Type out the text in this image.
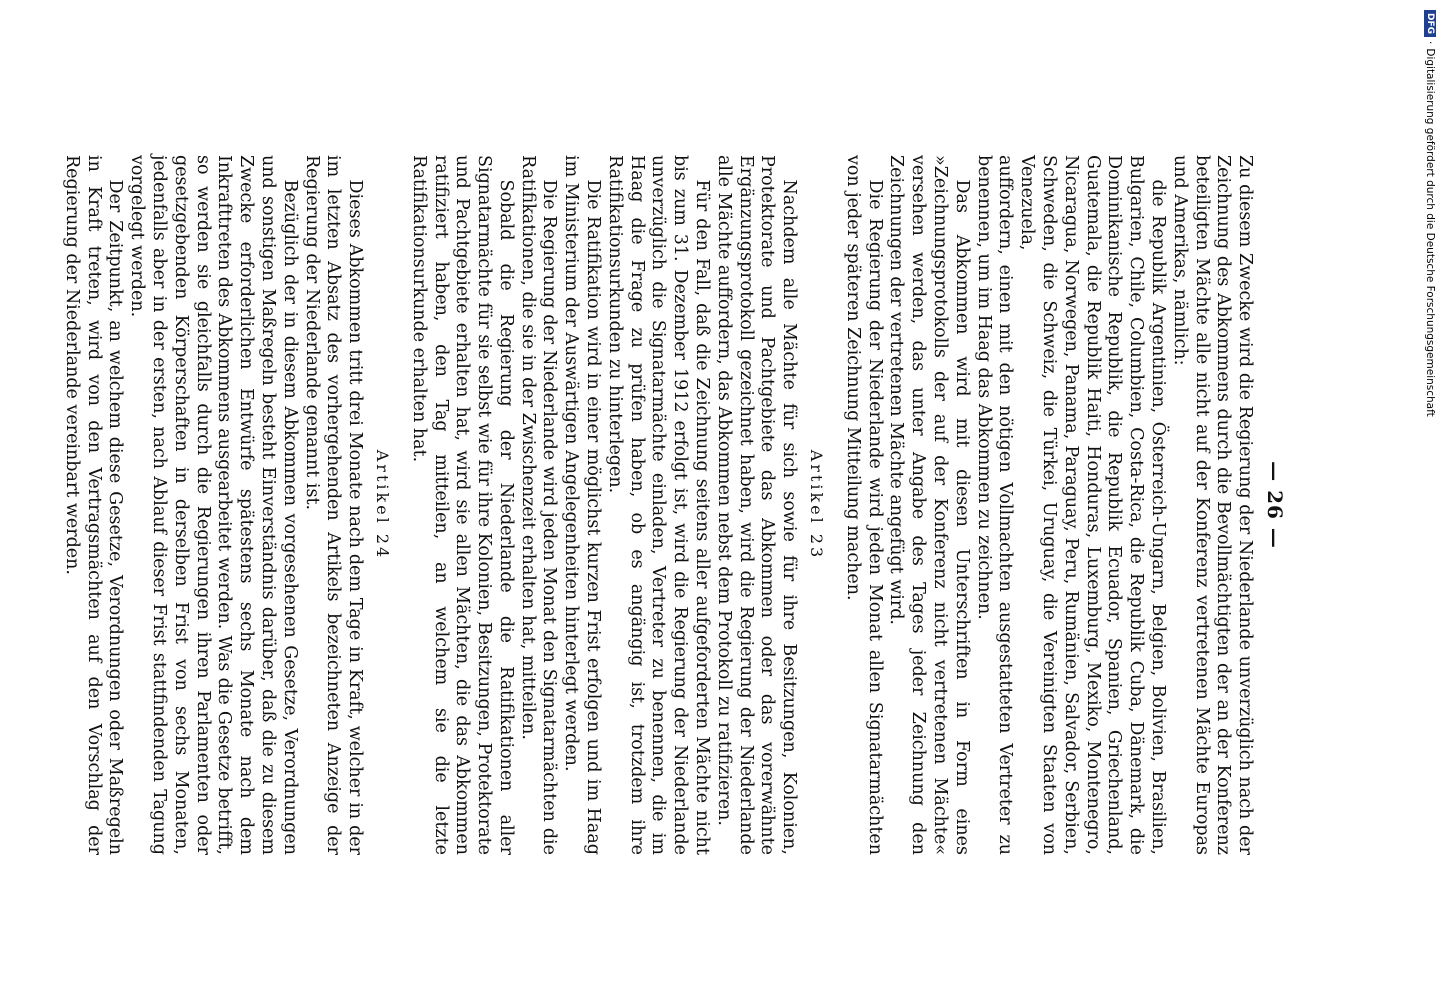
— 26 —

Zu diesem Zwecke wird die Regierung der Niederlande unverzüglich nach der Zeichnung des Abkommens durch die Bevollmächtigten der an der Konferenz beteiligten Mächte alle nicht auf der Konferenz vertretenen Mächte Europas und Amerikas, nämlich:

die Republik Argentinien, Österreich-Ungarn, Belgien, Bolivien, Brasilien, Bulgarien, Chile, Columbien, Costa-Rica, die Republik Cuba, Dänemark, die Dominikanische Republik, die Republik Ecuador, Spanien, Griechenland, Guatemala, die Republik Haiti, Honduras, Luxemburg, Mexiko, Montenegro, Nicaragua, Norwegen, Panama, Paraguay, Peru, Rumänien, Salvador, Serbien, Schweden, die Schweiz, die Türkei, Uruguay, die Vereinigten Staaten von Venezuela,

auffordern, einen mit den nötigen Vollmachten ausgestatteten Vertreter zu benennen, um im Haag das Abkommen zu zeichnen.

Das Abkommen wird mit diesen Unterschriften in Form eines »Zeichnungsprotokolls der auf der Konferenz nicht vertretenen Mächte« versehen werden, das unter Angabe des Tages jeder Zeichnung den Zeichnungen der vertretenen Mächte angefügt wird.

Die Regierung der Niederlande wird jeden Monat allen Signatarmächten von jeder späteren Zeichnung Mitteilung machen.

Artikel 23

Nachdem alle Mächte für sich sowie für ihre Besitzungen, Kolonien, Protektorate und Pachtgebiete das Abkommen oder das vorerwähnte Ergänzungsprotokoll gezeichnet haben, wird die Regierung der Niederlande alle Mächte auffordern, das Abkommen nebst dem Protokoll zu ratifizieren.

Für den Fall, daß die Zeichnung seitens aller aufgeforderten Mächte nicht bis zum 31. Dezember 1912 erfolgt ist, wird die Regierung der Niederlande unverzüglich die Signatarmächte einladen, Vertreter zu benennen, die im Haag die Frage zu prüfen haben, ob es angängig ist, trotzdem ihre Ratifikationsurkunden zu hinterlegen.

Die Ratifikation wird in einer möglichst kurzen Frist erfolgen und im Haag im Ministerium der Auswärtigen Angelegenheiten hinterlegt werden.

Die Regierung der Niederlande wird jeden Monat den Signatarmächten die Ratifikationen, die sie in der Zwischenzeit erhalten hat, mitteilen.

Sobald die Regierung der Niederlande die Ratifikationen aller Signatarmächte für sie selbst wie für ihre Kolonien, Besitzungen, Protektorate und Pachtgebiete erhalten hat, wird sie allen Mächten, die das Abkommen ratifiziert haben, den Tag mitteilen, an welchem sie die letzte Ratifikationsurkunde erhalten hat.

Artikel 24

Dieses Abkommen tritt drei Monate nach dem Tage in Kraft, welcher in der im letzten Absatz des vorhergehenden Artikels bezeichneten Anzeige der Regierung der Niederlande genannt ist.

Bezüglich der in diesem Abkommen vorgesehenen Gesetze, Verordnungen und sonstigen Maßregeln besteht Einverständnis darüber, daß die zu diesem Zwecke erforderlichen Entwürfe spätestens sechs Monate nach dem Inkrafttreten des Abkommens ausgearbeitet werden. Was die Gesetze betrifft, so werden sie gleichfalls durch die Regierungen ihren Parlamenten oder gesetzgebenden Körperschaften in derselben Frist von sechs Monaten, jedenfalls aber in der ersten, nach Ablauf dieser Frist stattfindenden Tagung vorgelegt werden.

Der Zeitpunkt, an welchem diese Gesetze, Verordnungen oder Maßregeln in Kraft treten, wird von den Vertragsmächten auf den Vorschlag der Regierung der Niederlande vereinbart werden.

DFG
·
Digitalisierung gefördert durch die Deutsche Forschungsgemeinschaft
